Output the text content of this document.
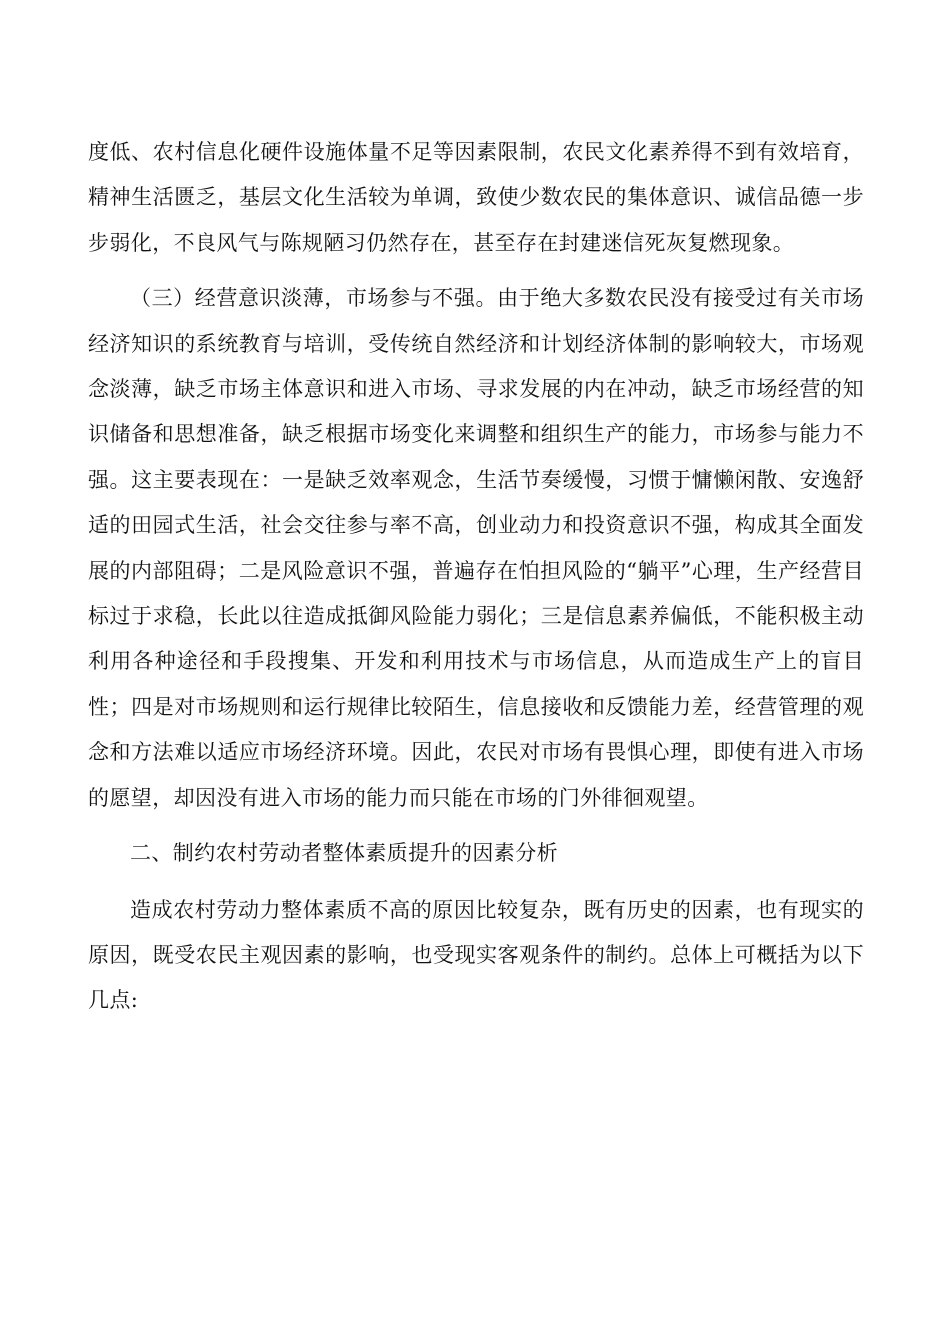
度低、农村信息化硬件设施体量不足等因素限制，农民文化素养得不到有效培育，精神生活匮乏，基层文化生活较为单调，致使少数农民的集体意识、诚信品德一步步弱化，不良风气与陈规陋习仍然存在，甚至存在封建迷信死灰复燃现象。

（三）经营意识淡薄，市场参与不强。由于绝大多数农民没有接受过有关市场经济知识的系统教育与培训，受传统自然经济和计划经济体制的影响较大，市场观念淡薄，缺乏市场主体意识和进入市场、寻求发展的内在冲动，缺乏市场经营的知识储备和思想准备，缺乏根据市场变化来调整和组织生产的能力，市场参与能力不强。这主要表现在：一是缺乏效率观念，生活节奏缓慢，习惯于慵懒闲散、安逸舒适的田园式生活，社会交往参与率不高，创业动力和投资意识不强，构成其全面发展的内部阻碍；二是风险意识不强，普遍存在怕担风险的“躺平”心理，生产经营目标过于求稳，长此以往造成抵御风险能力弱化；三是信息素养偏低，不能积极主动利用各种途径和手段搜集、开发和利用技术与市场信息，从而造成生产上的盲目性；四是对市场规则和运行规律比较陌生，信息接收和反馈能力差，经营管理的观念和方法难以适应市场经济环境。因此，农民对市场有畏惧心理，即使有进入市场的愿望，却因没有进入市场的能力而只能在市场的门外徘徊观望。

二、制约农村劳动者整体素质提升的因素分析

造成农村劳动力整体素质不高的原因比较复杂，既有历史的因素，也有现实的原因，既受农民主观因素的影响，也受现实客观条件的制约。总体上可概括为以下几点:
